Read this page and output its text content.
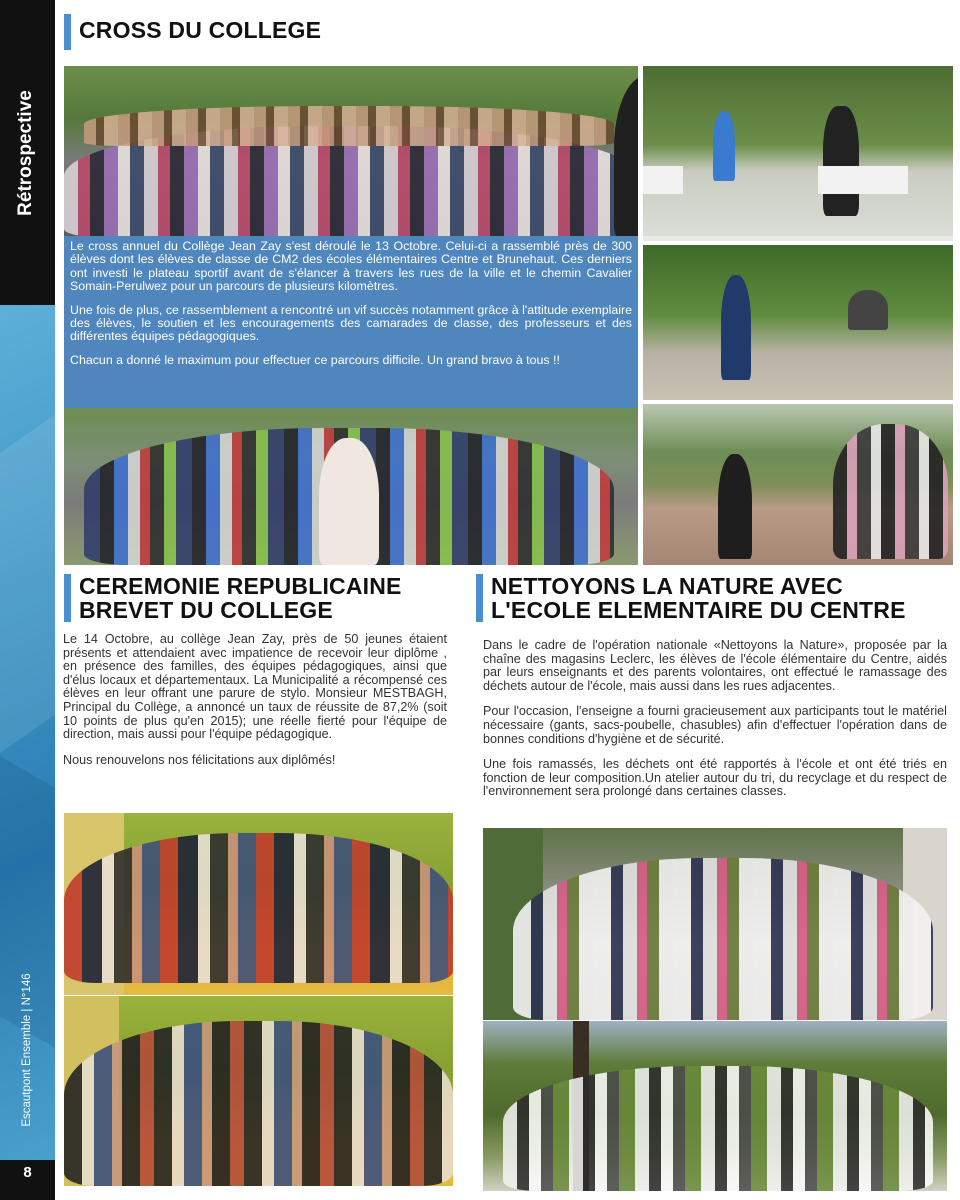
Rétrospective
Escautpont Ensemble | N°146
8
CROSS DU COLLEGE

Le cross annuel du Collège Jean Zay s'est déroulé le 13 Octobre. Celui-ci a rassemblé près de 300 élèves dont les élèves de classe de CM2 des écoles élémentaires Centre et Brunehaut. Ces derniers ont investi le plateau sportif avant de s'élancer à travers les rues de la ville et le chemin Cavalier Somain-Perulwez pour un parcours de plusieurs kilomètres.

Une fois de plus, ce rassemblement a rencontré un vif succès notamment grâce à l'attitude exemplaire des élèves, le soutien et les encouragements des camarades de classe, des professeurs et des différentes équipes pédagogiques.

Chacun a donné le maximum pour effectuer ce parcours difficile. Un grand bravo à tous !!

CEREMONIE REPUBLICAINE
BREVET DU COLLEGE

Le 14 Octobre, au collège Jean Zay, près de 50 jeunes étaient présents et attendaient avec impatience de recevoir leur diplôme , en présence des familles, des équipes pédagogiques, ainsi que d'élus locaux et départementaux. La Municipalité a récompensé ces élèves en leur offrant une parure de stylo. Monsieur MESTBAGH, Principal du Collège, a annoncé un taux de réussite de 87,2% (soit 10 points de plus qu'en 2015); une réelle fierté pour l'équipe de direction, mais aussi pour l'équipe pédagogique.

Nous renouvelons nos félicitations aux diplômés!

NETTOYONS LA NATURE AVEC
L'ECOLE ELEMENTAIRE DU CENTRE

Dans le cadre de l'opération nationale «Nettoyons la Nature», proposée par la chaîne des magasins Leclerc, les élèves de l'école élémentaire du Centre, aidés par leurs enseignants et des parents volontaires, ont effectué le ramassage des déchets autour de l'école, mais aussi dans les rues adjacentes.

Pour l'occasion, l'enseigne a fourni gracieusement aux participants tout le matériel nécessaire (gants, sacs-poubelle, chasubles) afin d'effectuer l'opération dans de bonnes conditions d'hygiène et de sécurité.

Une fois ramassés, les déchets ont été rapportés à l'école et ont été triés en fonction de leur composition.Un atelier autour du tri, du recyclage et du respect de l'environnement sera prolongé dans certaines classes.
